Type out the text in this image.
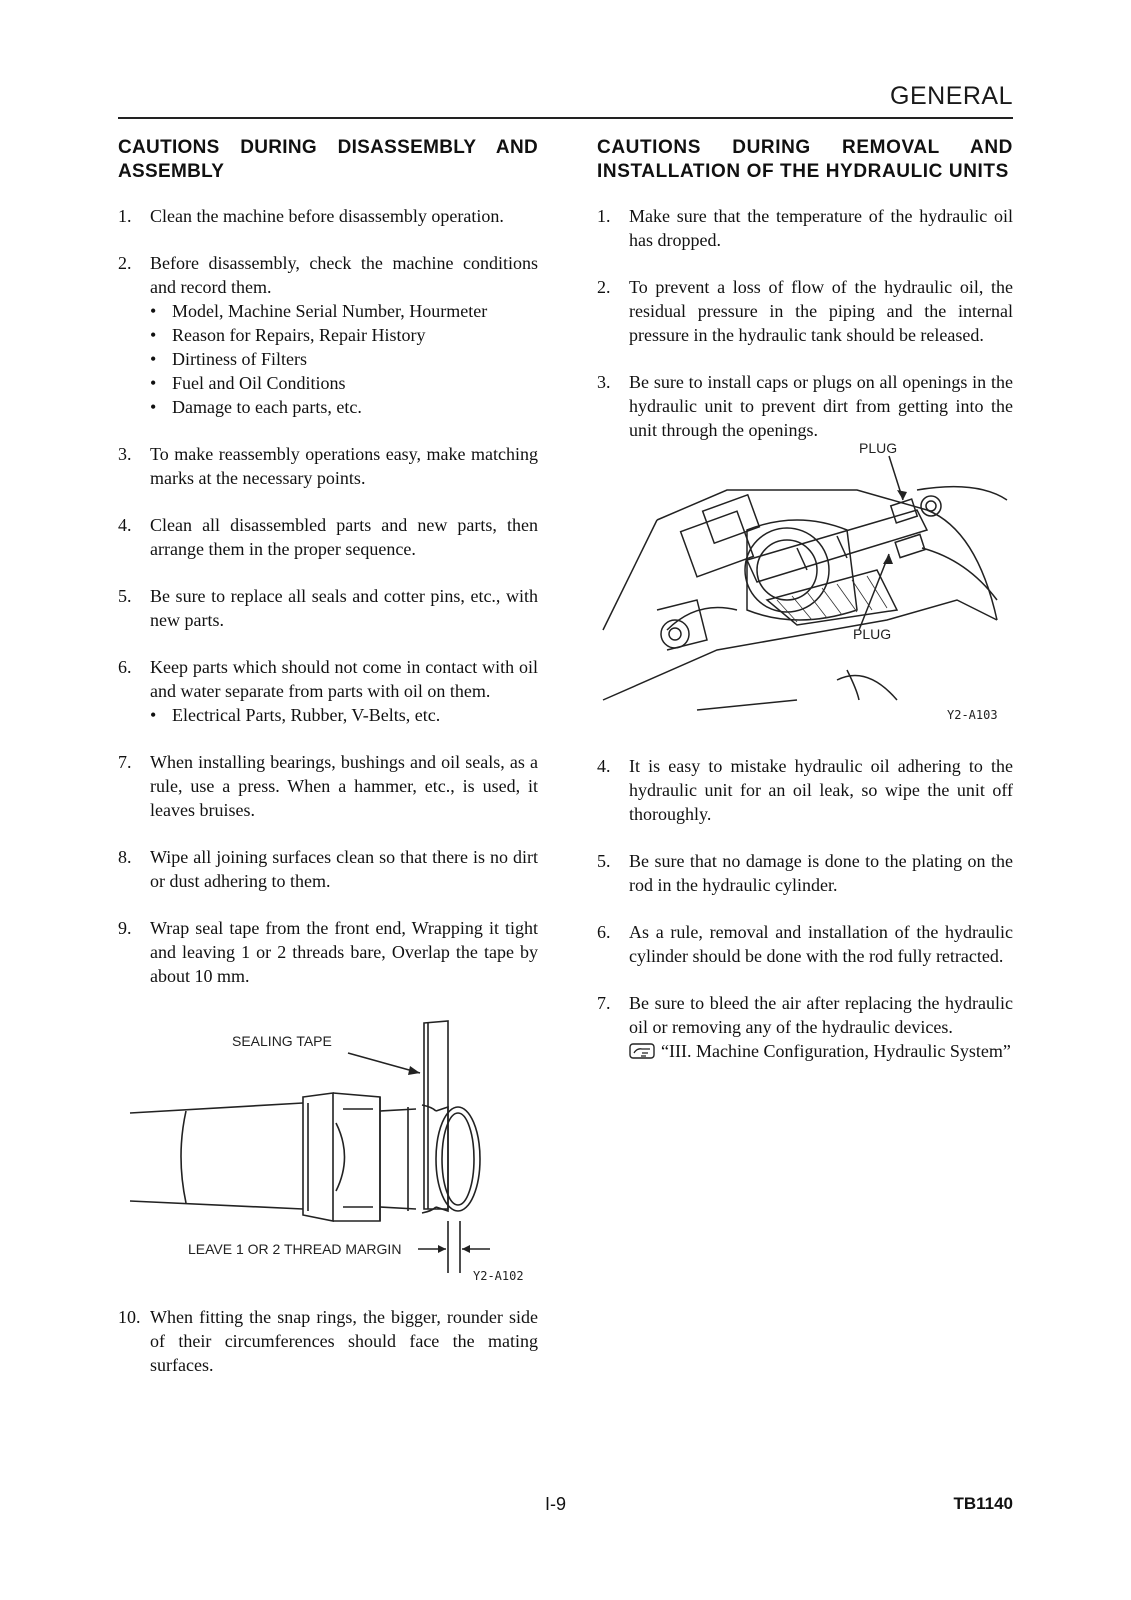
GENERAL
CAUTIONS DURING DISASSEMBLY AND ASSEMBLY
1. Clean the machine before disassembly operation.
2. Before disassembly, check the machine conditions and record them.
• Model, Machine Serial Number, Hourmeter
• Reason for Repairs, Repair History
• Dirtiness of Filters
• Fuel and Oil Conditions
• Damage to each parts, etc.
3. To make reassembly operations easy, make matching marks at the necessary points.
4. Clean all disassembled parts and new parts, then arrange them in the proper sequence.
5. Be sure to replace all seals and cotter pins, etc., with new parts.
6. Keep parts which should not come in contact with oil and water separate from parts with oil on them.
• Electrical Parts, Rubber, V-Belts, etc.
7. When installing bearings, bushings and oil seals, as a rule, use a press. When a hammer, etc., is used, it leaves bruises.
8. Wipe all joining surfaces clean so that there is no dirt or dust adhering to them.
9. Wrap seal tape from the front end, Wrapping it tight and leaving 1 or 2 threads bare, Overlap the tape by about 10 mm.
SEALING TAPE
LEAVE 1 OR 2 THREAD MARGIN
Y2-A102
10. When fitting the snap rings, the bigger, rounder side of their circumferences should face the mating surfaces.
CAUTIONS DURING REMOVAL AND INSTALLATION OF THE HYDRAULIC UNITS
1. Make sure that the temperature of the hydraulic oil has dropped.
2. To prevent a loss of flow of the hydraulic oil, the residual pressure in the piping and the internal pressure in the hydraulic tank should be released.
3. Be sure to install caps or plugs on all openings in the hydraulic unit to prevent dirt from getting into the unit through the openings.
PLUG
PLUG
Y2-A103
4. It is easy to mistake hydraulic oil adhering to the hydraulic unit for an oil leak, so wipe the unit off thoroughly.
5. Be sure that no damage is done to the plating on the rod in the hydraulic cylinder.
6. As a rule, removal and installation of the hydraulic cylinder should be done with the rod fully retracted.
7. Be sure to bleed the air after replacing the hydraulic oil or removing any of the hydraulic devices.
“III. Machine Configuration, Hydraulic System”
I-9	TB1140
